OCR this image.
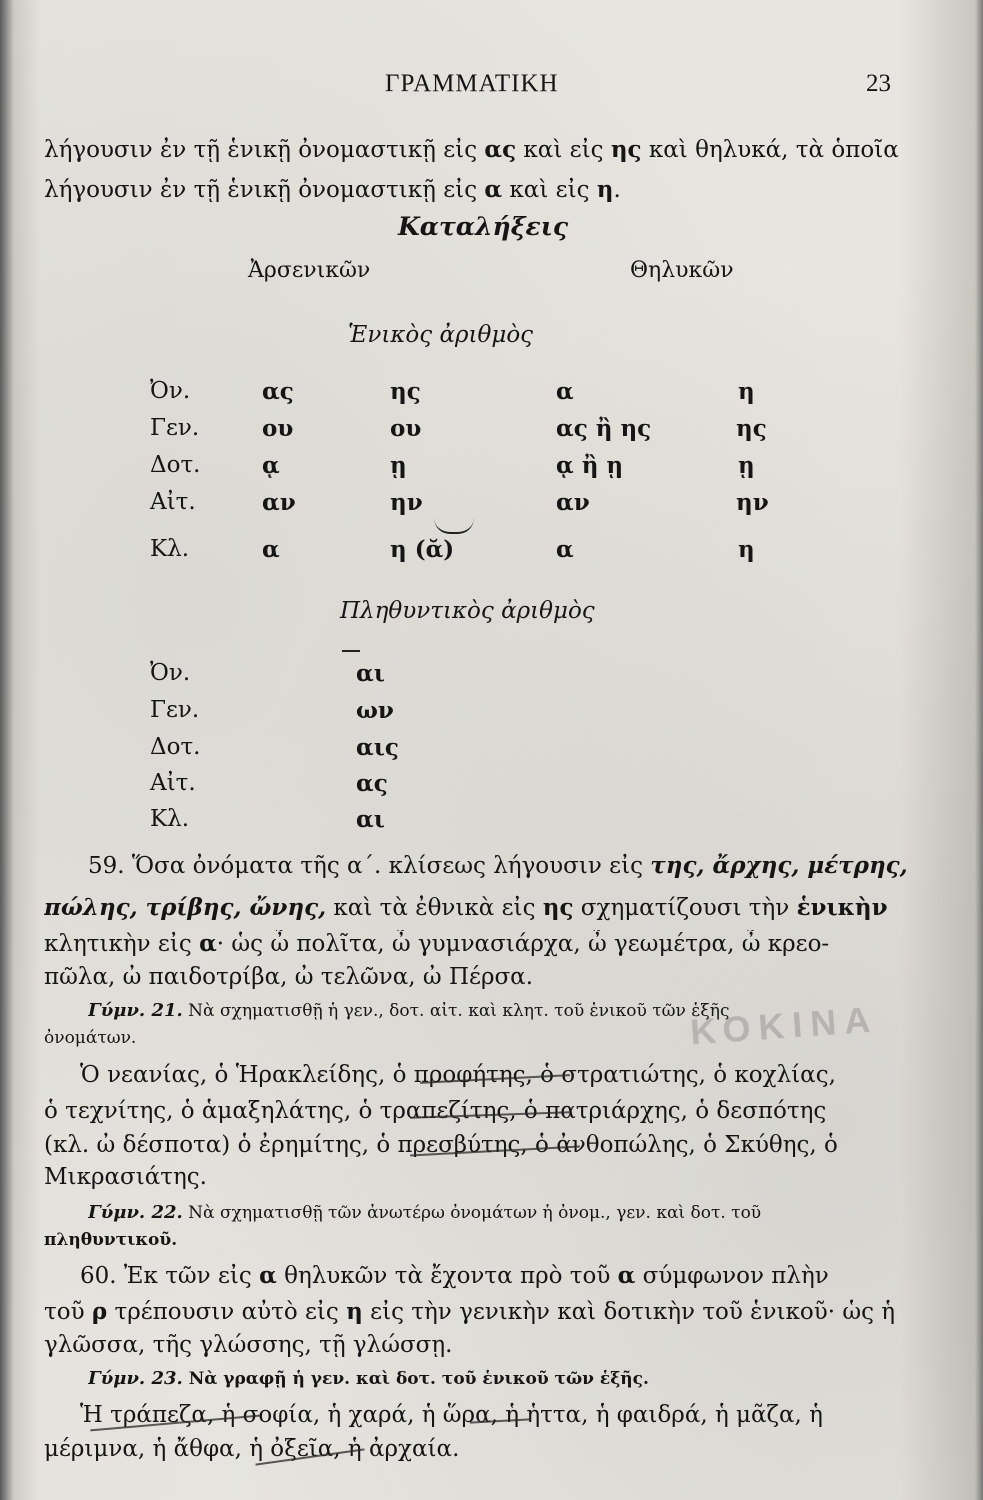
ΓΡΑΜΜΑΤΙΚΗ	23
λήγουσιν ἐν τῇ ἑνικῇ ὀνομαστικῇ εἰς ας καὶ εἰς ης καὶ θηλυκά, τὰ ὁποῖα
λήγουσιν ἐν τῇ ἑνικῇ ὀνομαστικῇ εἰς α καὶ εἰς η.
Καταλήξεις
Ἀρσενικῶν	Θηλυκῶν
Ἑνικὸς ἀριθμὸς
Ὀν.	ας	ης	α	η
Γεν.	ου	ου	ας ἢ ης	ης
Δοτ.	ᾳ	ῃ	ᾳ ἢ ῃ	ῃ
Αἰτ.	αν	ην	αν	ην
Κλ.	α	η (ᾰ)	α	η
Πληθυντικὸς ἀριθμὸς
Ὀν.	αι
Γεν.	ων
Δοτ.	αις
Αἰτ.	ας
Κλ.	αι
59. Ὅσα ὀνόματα τῆς α΄. κλίσεως λήγουσιν εἰς της, ἄρχης, μέτρης,
πώλης, τρίβης, ὤνης, καὶ τὰ ἐθνικὰ εἰς ης σχηματίζουσι τὴν ἑνικὴν
κλητικὴν εἰς α· ὡς ὦ πολῖτα, ὦ γυμνασιάρχα, ὦ γεωμέτρα, ὦ κρεο-
πῶλα, ὦ παιδοτρίβα, ὦ τελῶνα, ὦ Πέρσα.
Γύμν. 21. Νὰ σχηματισθῇ ἡ γεν., δοτ. αἰτ. καὶ κλητ. τοῦ ἑνικοῦ τῶν ἑξῆς
ὀνομάτων.	ΚΟΚΙΝΑ
Ὁ νεανίας, ὁ Ἡρακλείδης, ὁ προφήτης, ὁ στρατιώτης, ὁ κοχλίας,
ὁ τεχνίτης, ὁ ἁμαξηλάτης, ὁ τραπεζίτης, ὁ πατριάρχης, ὁ δεσπότης
(κλ. ὦ δέσποτα) ὁ ἐρημίτης, ὁ πρεσβύτης, ὁ ἀνθοπώλης, ὁ Σκύθης, ὁ
Μικρασιάτης.
Γύμν. 22. Νὰ σχηματισθῇ τῶν ἀνωτέρω ὀνομάτων ἡ ὀνομ., γεν. καὶ δοτ. τοῦ
πληθυντικοῦ.
60. Ἐκ τῶν εἰς α θηλυκῶν τὰ ἔχοντα πρὸ τοῦ α σύμφωνον πλὴν
τοῦ ρ τρέπουσιν αὐτὸ εἰς η εἰς τὴν γενικὴν καὶ δοτικὴν τοῦ ἑνικοῦ· ὡς ἡ
γλῶσσα, τῆς γλώσσης, τῇ γλώσσῃ.
Γύμν. 23. Νὰ γραφῇ ἡ γεν. καὶ δοτ. τοῦ ἑνικοῦ τῶν ἑξῆς.
Ἡ τράπεζα, ἡ σοφία, ἡ χαρά, ἡ ὥρα, ἡ ἧττα, ἡ φαιδρά, ἡ μᾶζα, ἡ
μέριμνα, ἡ ἄθφα, ἡ ὀξεῖα, ἡ ἀρχαία.
